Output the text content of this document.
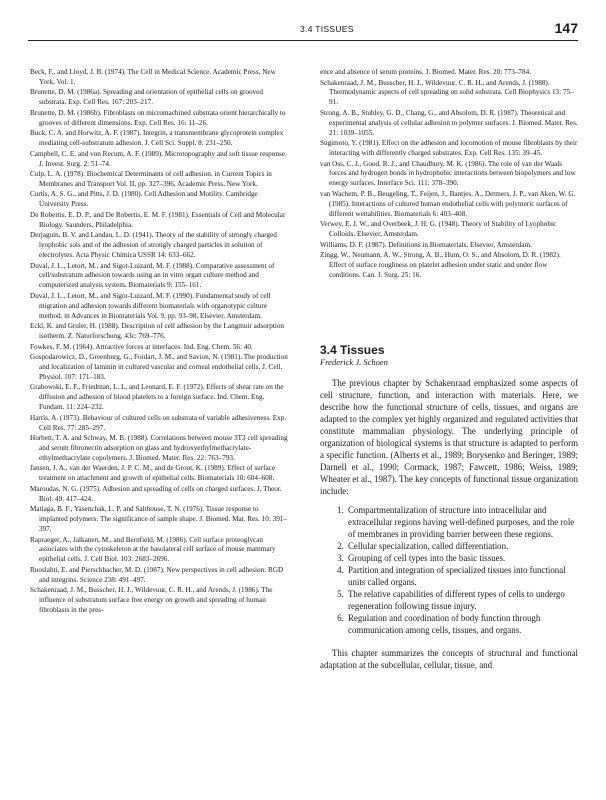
3.4 TISSUES	147

Beck, F., and Lloyd, J. B. (1974). The Cell in Medical Science. Academic Press, New York, Vol. 1.

Brunette, D. M. (1986a). Spreading and orientation of epithelial cells on grooved substrata. Exp. Cell Res. 167: 203–217.

Brunette, D. M. (1986b). Fibroblasts on micromachined substrata orient hierarchically to grooves of different dimensions. Exp. Cell Res. 16: 11–26.

Buck, C. A. and Horwitz, A. F. (1987). Integrin, a transmembrane glycoprotein complex mediating cell-substratum adhesion. J. Cell Sci. Suppl. 8: 231–250.

Campbell, C. E. and von Recum, A. F. (1989). Microtopography and soft tissue response. J. Invest. Surg. 2: 51–74.

Culp, L. A. (1978). Biochemical Determinants of cell adhesion. in Current Topics in Membranes and Transport Vol. II, pp. 327–396, Academic Press, New York.

Curtis, A. S. G., and Pitts, J. D. (1980). Cell Adhesion and Motility. Cambridge University Press.

De Robertis, E. D. P., and De Robertis, E. M. F. (1981). Essentials of Cell and Molecular Biology. Saunders, Philadelphia.

Derjaguin, B. V. and Landau, L. D. (1941). Theory of the stability of strongly charged lyophobic sols and of the adhesion of strongly charged particles in solution of electrolytes. Acta Physic Chimica USSR 14: 633–662.

Duval, J. L., Letort, M., and Sigot-Luizard, M. F. (1988). Comparative assessment of cell/substratum adhesion towards using an in vitro organ culture method and computerized analysis system. Biomaterials 9: 155–161.

Duval, J. L., Letort, M., and Sigot-Luizard, M. F. (1990). Fundamental study of cell migration and adhesion towards different biomaterials with organotypic culture method. in Advances in Biomaterials Vol. 9, pp. 93–98, Elsevier, Amsterdam.

Eckl, K. and Gruler, H. (1988). Description of cell adhesion by the Langmuir adsorption isotherm. Z. Naturforschung. 43c: 769–776.

Fowkes, F. M. (1964). Attractive forces at interfaces. Ind. Eng. Chem. 56: 40.

Gospodarowicz, D., Greenburg, G., Foidart, J. M., and Savion, N. (1981). The production and localization of laminin in cultured vascular and corneal endothelial cells. J. Cell. Physiol. 107: 171–183.

Grabowski, E. F., Friedman, L. I., and Leonard, E. F. (1972). Effects of shear rate on the diffusion and adhesion of blood platelets to a foreign surface. Ind. Chem. Eng. Fundam. 11: 224–232.

Harris, A. (1973). Behaviour of cultured cells on substrata of variable adhesiveness. Exp. Cell Res. 77: 285–297.

Horbett, T. A. and Schway, M. B. (1988). Correlations between mouse 3T3 cell spreading and serum fibronectin adsorption on glass and hydroxyethylmethacrylate-ethylmethacrylate copolymers. J. Biomed. Mater. Res. 22: 763–793.

Jansen, J. A., van der Waerden, J. P. C. M., and de Groot, K. (1989). Effect of surface treatment on attachment and growth of epithelial cells. Biomaterials 10: 604–608.

Maroudas, N. G. (1975). Adhesion and spreading of cells on charged surfaces. J. Theor. Biol. 49: 417–424.

Matlaga, B. F., Yasenchak, L. P. and Salthouse, T. N. (1976). Tissue response to implanted polymers: The significance of sample shape. J. Biomed. Mat. Res. 10: 391–397.

Rapraeger, A., Jalkanen, M., and Bernfield, M. (1986). Cell surface proteoglycan associates with the cytoskeleton at the basolateral cell surface of mouse mammary epithelial cells. J. Cell Biol. 103: 2683–2696.

Ruoslahti, E. and Pierschbacher, M. D. (1987). New perspectives in cell adhesion: RGD and integrins. Science 238: 491–497.

Schakenraad, J. M., Busscher, H. J., Wildevuur, C. R. H., and Arends, J. (1986). The influence of substratum surface free energy on growth and spreading of human fibroblasts in the pres-

ence and absence of serum proteins. J. Biomed. Mater. Res. 20: 773–784.

Schakenraad, J. M., Busscher, H. J., Wildevuur, C. R. H., and Arends, J. (1988). Thermodynamic aspects of cell spreading on solid substrata. Cell Biophysics 13: 75–91.

Strong, A. B., Stubley, G. D., Chang, G., and Absolom, D. R. (1987). Theoretical and experimental analysis of cellular adhesion to polymer surfaces. J. Biomed. Mater. Res. 21: 1039–1055.

Sugimoto, Y. (1981). Effect on the adhesion and locomotion of mouse fibroblasts by their interacting with differently charged substrates. Exp. Cell Res. 135: 39–45.

van Oss, C. J., Good, R. J., and Chaudhury, M. K. (1986). The role of van der Waals forces and hydrogen bonds in hydrophobic interactions between biopolymers and low energy surfaces. Interface Sci. 111: 378–390.

van Wachem, P. B., Beugeling, T., Feijen, J., Bantjes, A., Detmers, J. P., van Aken, W. G. (1985). Interactions of cultured human endothelial cells with polymeric surfaces of different wettabilities. Biomaterials 6: 403–408.

Verwey, E. J. W., and Overbeek, J. H. G. (1948). Theory of Stability of Lyophobic Colloids. Elsevier, Amsterdam.

Williams, D. F. (1987). Definitions in Biomaterials. Elsevier, Amsterdam.

Zingg, W., Neumann, A. W., Strong, A. B., Hum, O. S., and Absolom, D. R. (1982). Effect of surface roughness on platelet adhesion under static and under flow conditions. Can. J. Surg. 25: 16.

3.4 Tissues

Frederick J. Schoen

The previous chapter by Schakenraad emphasized some aspects of cell structure, function, and interaction with materials. Here, we describe how the functional structure of cells, tissues, and organs are adapted to the complex yet highly organized and regulated activities that constitute mammalian physiology. The underlying principle of organization of biological systems is that structure is adapted to perform a specific function. (Alberts et al., 1989; Borysenko and Beringer, 1989; Darnell et al., 1990; Cormack, 1987; Fawcett, 1986; Weiss, 1989; Wheater et al., 1987). The key concepts of functional tissue organization include:

1. Compartmentalization of structure into intracellular and extracellular regions having well-defined purposes, and the role of membranes in providing barrier between these regions.
2. Cellular specialization, called differentiation.
3. Grouping of cell types into the basic tissues.
4. Partition and integration of specialized tissues into functional units called organs.
5. The relative capabilities of different types of cells to undergo regeneration following tissue injury.
6. Regulation and coordination of body function through communication among cells, tissues, and organs.

This chapter summarizes the concepts of structural and functional adaptation at the subcellular, cellular, tissue, and
